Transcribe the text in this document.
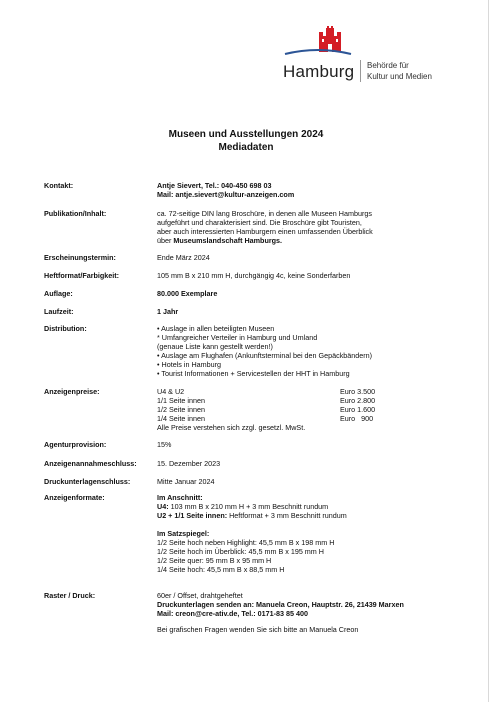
Hamburg Behörde für
Kultur und Medien
Museen und Ausstellungen 2024
Mediadaten
Kontakt:	Antje Sievert, Tel.: 040-450 698 03
Mail: antje.sievert@kultur-anzeigen.com
Publikation/Inhalt:	ca. 72-seitige DIN lang Broschüre, in denen alle Museen Hamburgs
aufgeführt und charakterisiert sind. Die Broschüre gibt Touristen,
aber auch interessierten Hamburgern einen umfassenden Überblick
über Museumslandschaft Hamburgs.
Erscheinungstermin:	Ende März 2024
Heftformat/Farbigkeit:	105 mm B x 210 mm H, durchgängig 4c, keine Sonderfarben
Auflage:	80.000 Exemplare
Laufzeit:	1 Jahr
Distribution:	• Auslage in allen beteiligten Museen
* Umfangreicher Verteiler in Hamburg und Umland
(genaue Liste kann gestellt werden!)
• Auslage am Flughafen (Ankunftsterminal bei den Gepäckbändern)
• Hotels in Hamburg
• Tourist Informationen + Servicestellen der HHT in Hamburg
Anzeigenpreise:	U4 & U2	Euro 3.500
1/1 Seite innen	Euro 2.800
1/2 Seite innen	Euro 1.600
1/4 Seite innen	Euro   900
Alle Preise verstehen sich zzgl. gesetzl. MwSt.
Agenturprovision:	15%
Anzeigenannahmeschluss:	15. Dezember 2023
Druckunterlagenschluss:	Mitte Januar 2024
Anzeigenformate:	Im Anschnitt:
U4: 103 mm B x 210 mm H + 3 mm Beschnitt rundum
U2 + 1/1 Seite innen: Heftformat + 3 mm Beschnitt rundum
Im Satzspiegel:
1/2 Seite hoch neben Highlight: 45,5 mm B x 198 mm H
1/2 Seite hoch im Überblick: 45,5 mm B x 195 mm H
1/2 Seite quer: 95 mm B x 95 mm H
1/4 Seite hoch: 45,5 mm B x 88,5 mm H
Raster / Druck:	60er / Offset, drahtgeheftet
Druckunterlagen senden an: Manuela Creon, Hauptstr. 26, 21439 Marxen
Mail: creon@cre-ativ.de, Tel.: 0171-83 85 400
Bei grafischen Fragen wenden Sie sich bitte an Manuela Creon
